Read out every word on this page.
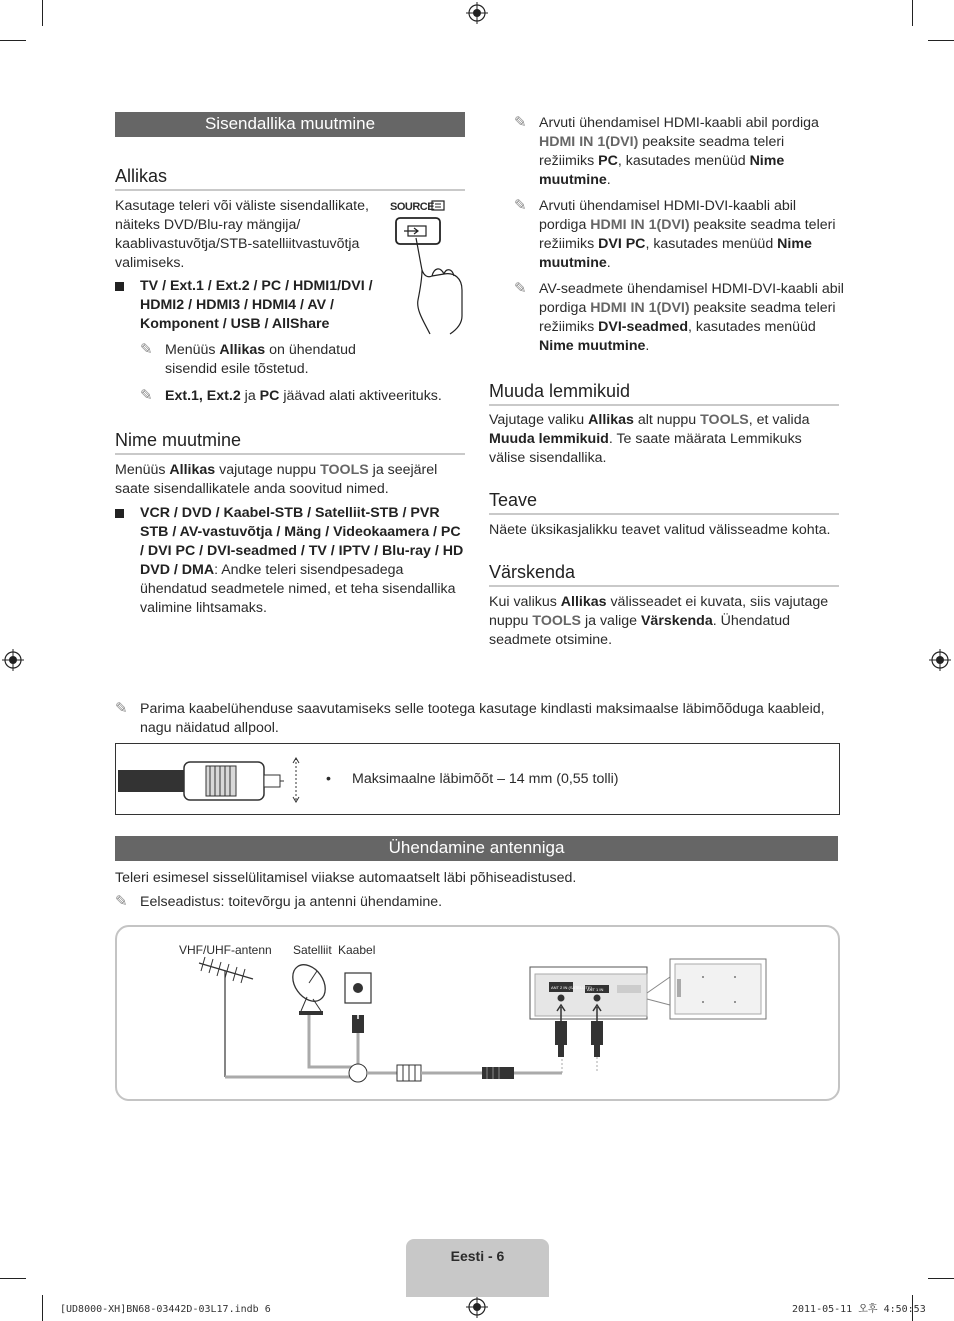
Sisendallika muutmine
Allikas

Kasutage teleri või väliste sisendallikate, näiteks DVD/Blu-ray mängija/ kaablivastuvõtja/STB-satelliitvastuvõtja valimiseks.

SOURCE
TV / Ext.1 / Ext.2 / PC / HDMI1/DVI / HDMI2 / HDMI3 / HDMI4 / AV / Komponent / USB / AllShare
✎ Menüüs Allikas on ühendatud sisendid esile tõstetud.
✎ Ext.1, Ext.2 ja PC jäävad alati aktiveerituks.
Nime muutmine

Menüüs Allikas vajutage nuppu TOOLS ja seejärel saate sisendallikatele anda soovitud nimed.

VCR / DVD / Kaabel-STB / Satelliit-STB / PVR STB / AV-vastuvõtja / Mäng / Videokaamera / PC / DVI PC / DVI-seadmed / TV / IPTV / Blu-ray / HD DVD / DMA: Andke teleri sisendpesadega ühendatud seadmetele nimed, et teha sisendallika valimine lihtsamaks.
✎ Arvuti ühendamisel HDMI-kaabli abil pordiga HDMI IN 1(DVI) peaksite seadma teleri režiimiks PC, kasutades menüüd Nime muutmine.
✎ Arvuti ühendamisel HDMI-DVI-kaabli abil pordiga HDMI IN 1(DVI) peaksite seadma teleri režiimiks DVI PC, kasutades menüüd Nime muutmine.
✎ AV-seadmete ühendamisel HDMI-DVI-kaabli abil pordiga HDMI IN 1(DVI) peaksite seadma teleri režiimiks DVI-seadmed, kasutades menüüd Nime muutmine.
Muuda lemmikuid

Vajutage valiku Allikas alt nuppu TOOLS, et valida Muuda lemmikuid. Te saate määrata Lemmikuks välise sisendallika.

Teave

Näete üksikasjalikku teavet valitud välisseadme kohta.

Värskenda

Kui valikus Allikas välisseadet ei kuvata, siis vajutage nuppu TOOLS ja valige Värskenda. Ühendatud seadmete otsimine.

✎ Parima kaabelühenduse saavutamiseks selle tootega kasutage kindlasti maksimaalse läbimõõduga kaableid, nagu näidatud allpool.
• Maksimaalne läbimõõt – 14 mm (0,55 tolli)
Ühendamine antenniga

Teleri esimesel sisselülitamisel viiakse automaatselt läbi põhiseadistused.

✎ Eelseadistus: toitevõrgu ja antenni ühendamine.
VHF/UHF-antenn Satelliit Kaabel
ANT 2 IN (SATELLITE)
ANT 1 IN
Eesti - 6
[UD8000-XH]BN68-03442D-03L17.indb 6	2011-05-11 오후 4:50:53
